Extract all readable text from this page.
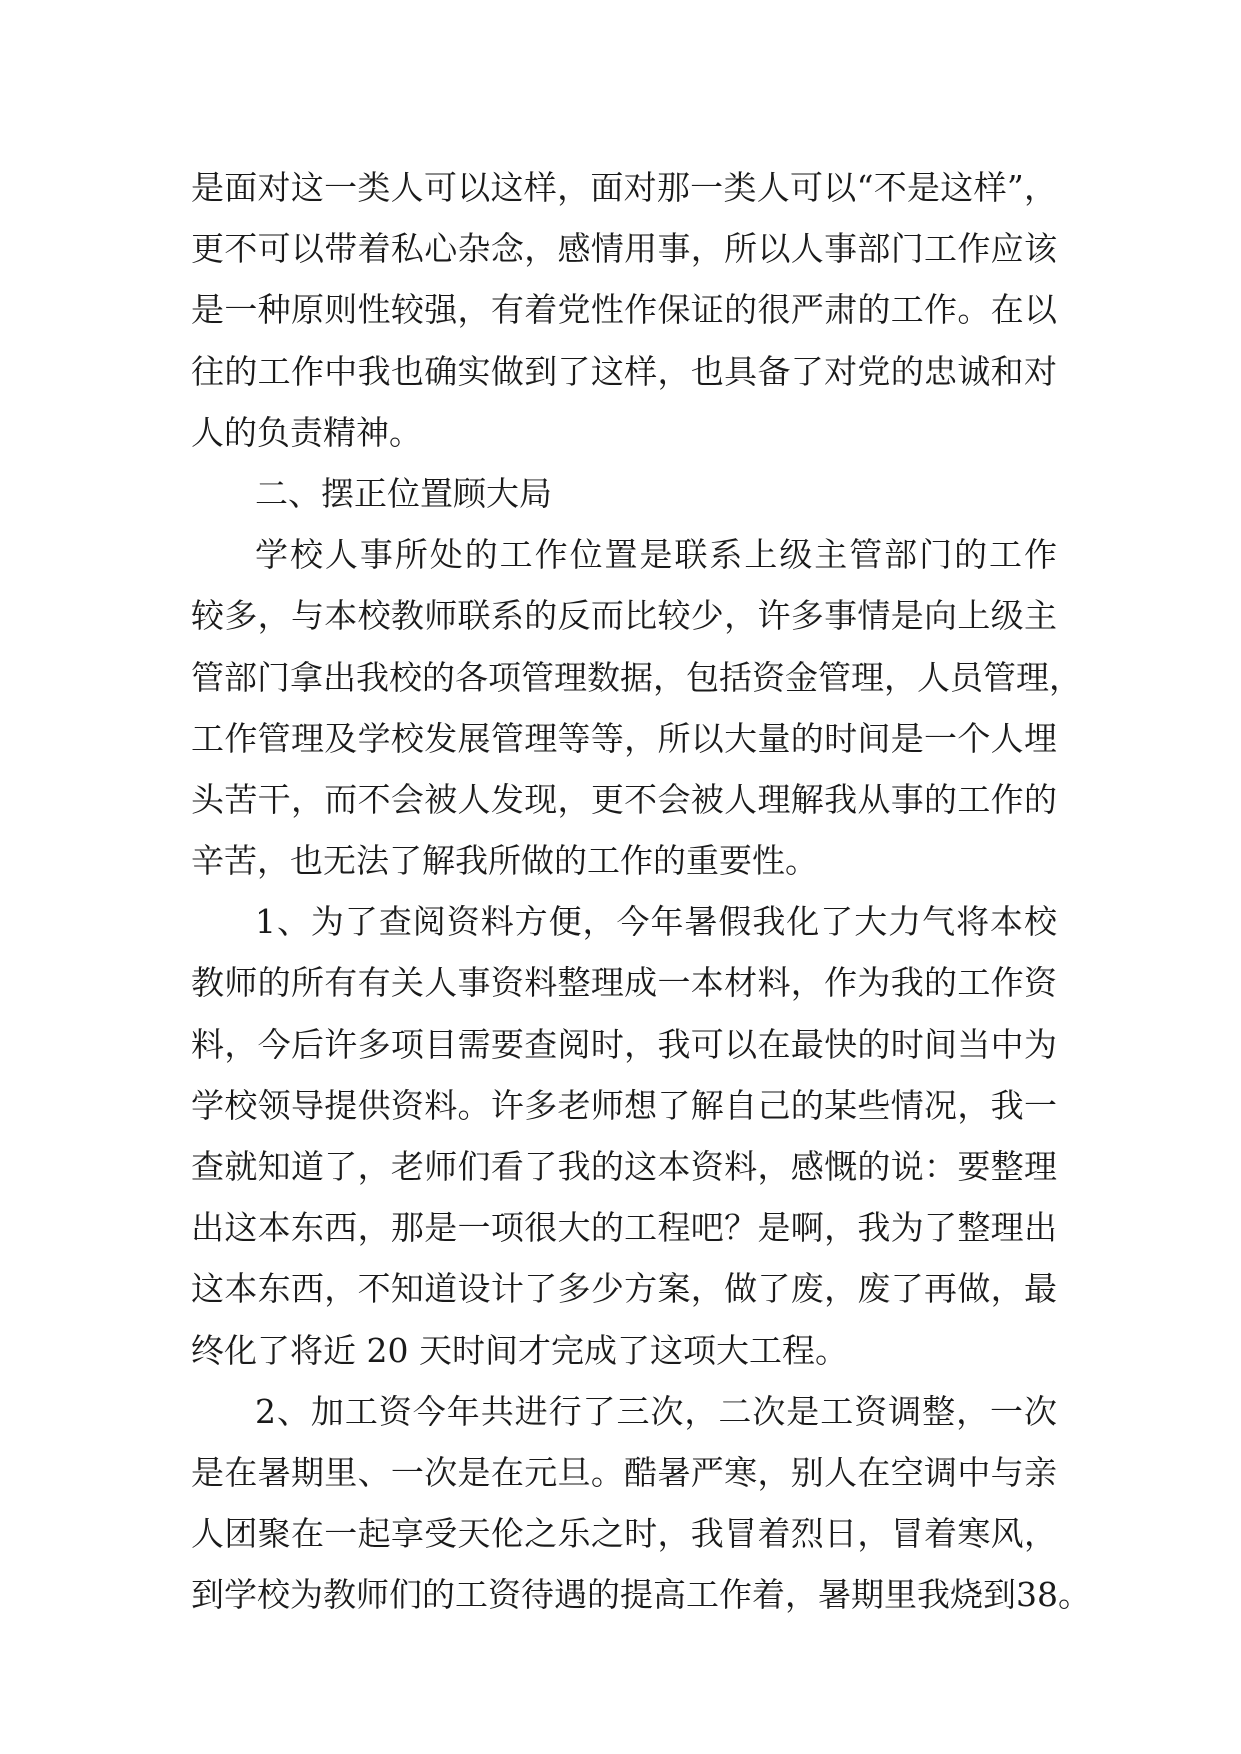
是面对这一类人可以这样，面对那一类人可以“不是这样”，
更不可以带着私心杂念，感情用事，所以人事部门工作应该
是一种原则性较强，有着党性作保证的很严肃的工作。在以
往的工作中我也确实做到了这样，也具备了对党的忠诚和对
人的负责精神。
二、摆正位置顾大局
学校人事所处的工作位置是联系上级主管部门的工作
较多，与本校教师联系的反而比较少，许多事情是向上级主
管部门拿出我校的各项管理数据，包括资金管理，人员管理，
工作管理及学校发展管理等等，所以大量的时间是一个人埋
头苦干，而不会被人发现，更不会被人理解我从事的工作的
辛苦，也无法了解我所做的工作的重要性。
1、为了查阅资料方便，今年暑假我化了大力气将本校
教师的所有有关人事资料整理成一本材料，作为我的工作资
料，今后许多项目需要查阅时，我可以在最快的时间当中为
学校领导提供资料。许多老师想了解自己的某些情况，我一
查就知道了，老师们看了我的这本资料，感慨的说：要整理
出这本东西，那是一项很大的工程吧？是啊，我为了整理出
这本东西，不知道设计了多少方案，做了废，废了再做，最
终化了将近 20 天时间才完成了这项大工程。
2、加工资今年共进行了三次，二次是工资调整，一次
是在暑期里、一次是在元旦。酷暑严寒，别人在空调中与亲
人团聚在一起享受天伦之乐之时，我冒着烈日，冒着寒风，
到学校为教师们的工资待遇的提高工作着，暑期里我烧到38。
